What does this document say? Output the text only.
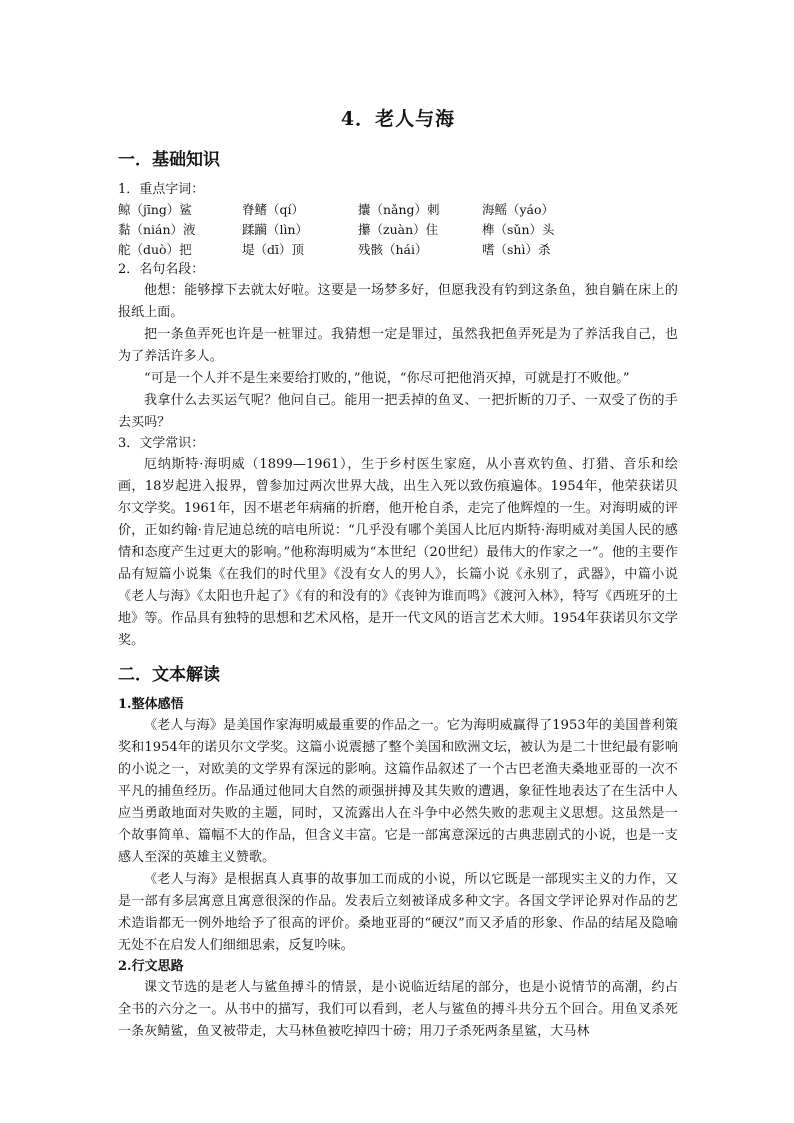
4．老人与海
一．基础知识
1．重点字词：
鲸（jīng）鲨	脊鳍（qí）	攮（nǎng）刺	海鳐（yáo）
黏（nián）液	蹂躏（lìn）	攥（zuàn）住	榫（sǔn）头
舵（duò）把	堤（dī）顶	残骸（hái）	嗜（shì）杀
2．名句名段：

他想：能够撑下去就太好啦。这要是一场梦多好，但愿我没有钓到这条鱼，独自躺在床上的报纸上面。

把一条鱼弄死也许是一桩罪过。我猜想一定是罪过，虽然我把鱼弄死是为了养活我自己，也为了养活许多人。

“可是一个人并不是生来要给打败的，”他说，“你尽可把他消灭掉，可就是打不败他。”

我拿什么去买运气呢？他问自己。能用一把丢掉的鱼叉、一把折断的刀子、一双受了伤的手去买吗？

3．文学常识：

厄纳斯特·海明威（1899—1961），生于乡村医生家庭，从小喜欢钓鱼、打猎、音乐和绘画，18岁起进入报界，曾参加过两次世界大战，出生入死以致伤痕遍体。1954年，他荣获诺贝尔文学奖。1961年，因不堪老年病痛的折磨，他开枪自杀，走完了他辉煌的一生。对海明威的评价，正如约翰·肯尼迪总统的唁电所说：“几乎没有哪个美国人比厄内斯特·海明威对美国人民的感情和态度产生过更大的影响。”他称海明威为“本世纪（20世纪）最伟大的作家之一”。他的主要作品有短篇小说集《在我们的时代里》《没有女人的男人》，长篇小说《永别了，武器》，中篇小说《老人与海》《太阳也升起了》《有的和没有的》《丧钟为谁而鸣》《渡河入林》，特写《西班牙的土地》等。作品具有独特的思想和艺术风格，是开一代文风的语言艺术大师。1954年获诺贝尔文学奖。

二．文本解读
1.整体感悟

《老人与海》是美国作家海明威最重要的作品之一。它为海明威赢得了1953年的美国普利策奖和1954年的诺贝尔文学奖。这篇小说震撼了整个美国和欧洲文坛，被认为是二十世纪最有影响的小说之一，对欧美的文学界有深远的影响。这篇作品叙述了一个古巴老渔夫桑地亚哥的一次不平凡的捕鱼经历。作品通过他同大自然的顽强拼搏及其失败的遭遇，象征性地表达了在生活中人应当勇敢地面对失败的主题，同时，又流露出人在斗争中必然失败的悲观主义思想。这虽然是一个故事简单、篇幅不大的作品，但含义丰富。它是一部寓意深远的古典悲剧式的小说，也是一支感人至深的英雄主义赞歌。

《老人与海》是根据真人真事的故事加工而成的小说，所以它既是一部现实主义的力作，又是一部有多层寓意且寓意很深的作品。发表后立刻被译成多种文字。各国文学评论界对作品的艺术造诣都无一例外地给予了很高的评价。桑地亚哥的“硬汉”而又矛盾的形象、作品的结尾及隐喻无处不在启发人们细细思索，反复吟味。

2.行文思路

课文节选的是老人与鲨鱼搏斗的情景，是小说临近结尾的部分，也是小说情节的高潮，约占全书的六分之一。从书中的描写，我们可以看到，老人与鲨鱼的搏斗共分五个回合。用鱼叉杀死一条灰鲭鲨，鱼叉被带走，大马林鱼被吃掉四十磅；用刀子杀死两条星鲨，大马林
